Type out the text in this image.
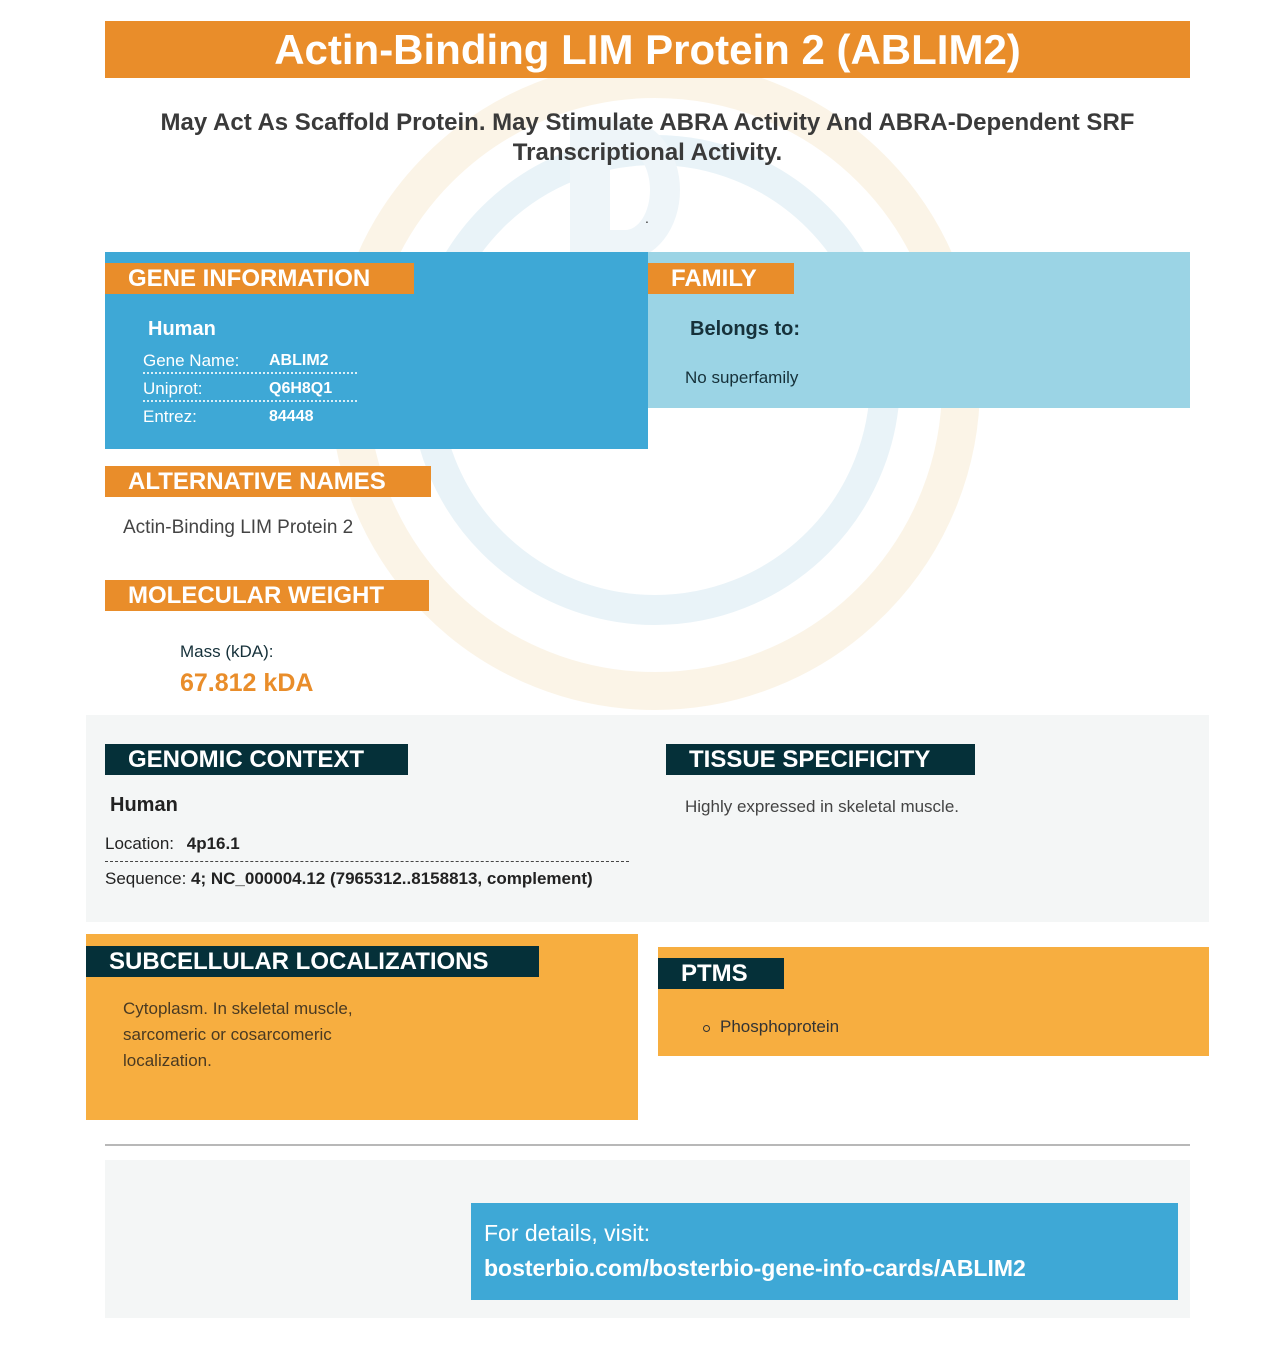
Actin-Binding LIM Protein 2 (ABLIM2)
May Act As Scaffold Protein. May Stimulate ABRA Activity And ABRA-Dependent SRF Transcriptional Activity.
.
GENE INFORMATION
Human
Gene Name: ABLIM2
Uniprot:	Q6H8Q1
Entrez:	84448
FAMILY
Belongs to:
No superfamily
ALTERNATIVE NAMES
Actin-Binding LIM Protein 2
MOLECULAR WEIGHT
Mass (kDA):
67.812 kDA
GENOMIC CONTEXT
Human
Location: 4p16.1
Sequence: 4; NC_000004.12 (7965312..8158813, complement)
TISSUE SPECIFICITY
Highly expressed in skeletal muscle.
SUBCELLULAR LOCALIZATIONS
Cytoplasm. In skeletal muscle, sarcomeric or cosarcomeric localization.
PTMS
Phosphoprotein
For details, visit:
bosterbio.com/bosterbio-gene-info-cards/ABLIM2
